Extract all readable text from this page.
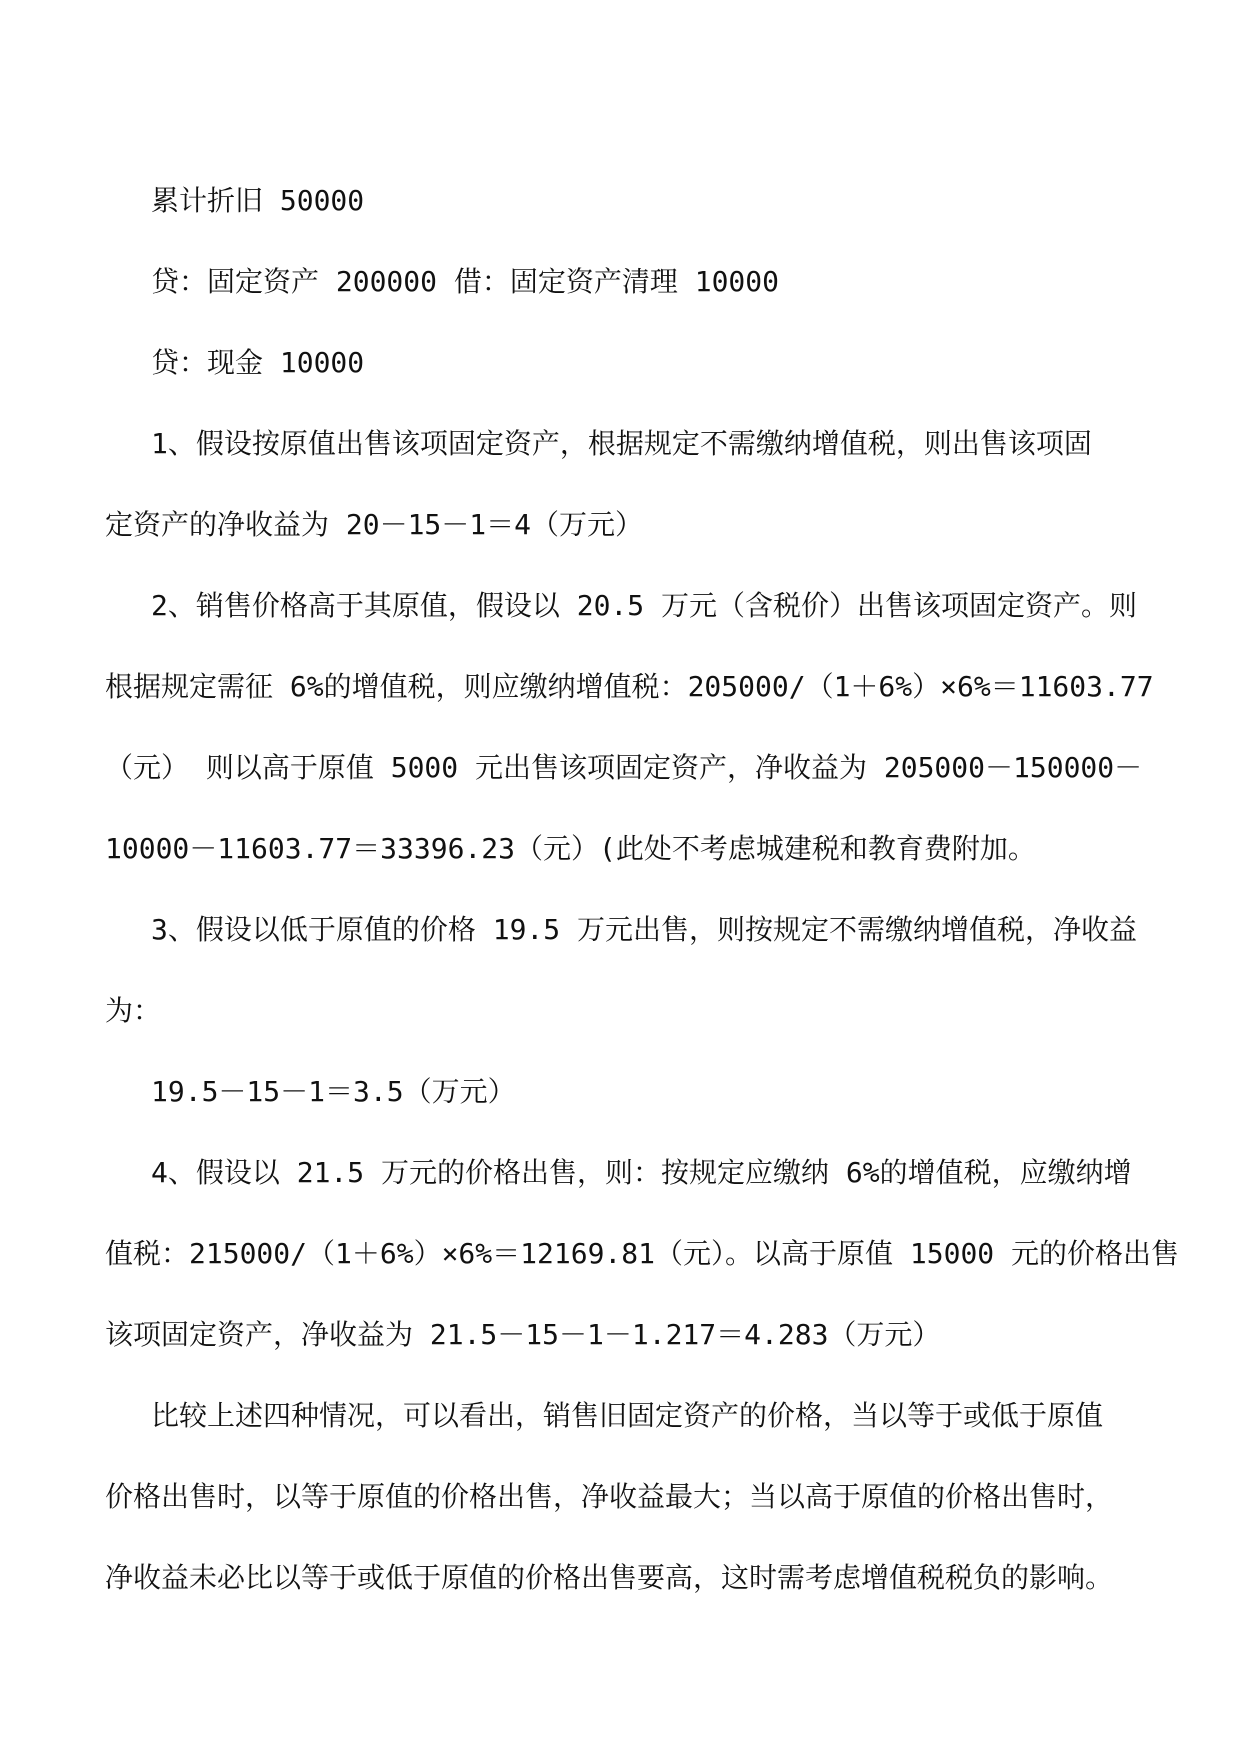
累计折旧 50000

贷：固定资产 200000 借：固定资产清理 10000

贷：现金 10000

1、假设按原值出售该项固定资产，根据规定不需缴纳增值税，则出售该项固

定资产的净收益为 20－15－1＝4（万元）

2、销售价格高于其原值，假设以 20.5 万元（含税价）出售该项固定资产。则

根据规定需征 6%的增值税，则应缴纳增值税：205000/（1＋6%）×6%＝11603.77

（元） 则以高于原值 5000 元出售该项固定资产，净收益为 205000－150000－

10000－11603.77＝33396.23（元）(此处不考虑城建税和教育费附加。

3、假设以低于原值的价格 19.5 万元出售，则按规定不需缴纳增值税，净收益

为：

19.5－15－1＝3.5（万元）

4、假设以 21.5 万元的价格出售，则：按规定应缴纳 6%的增值税，应缴纳增

值税：215000/（1＋6%）×6%＝12169.81（元）。以高于原值 15000 元的价格出售

该项固定资产，净收益为 21.5－15－1－1.217＝4.283（万元）

比较上述四种情况，可以看出，销售旧固定资产的价格，当以等于或低于原值

价格出售时，以等于原值的价格出售，净收益最大；当以高于原值的价格出售时，

净收益未必比以等于或低于原值的价格出售要高，这时需考虑增值税税负的影响。
